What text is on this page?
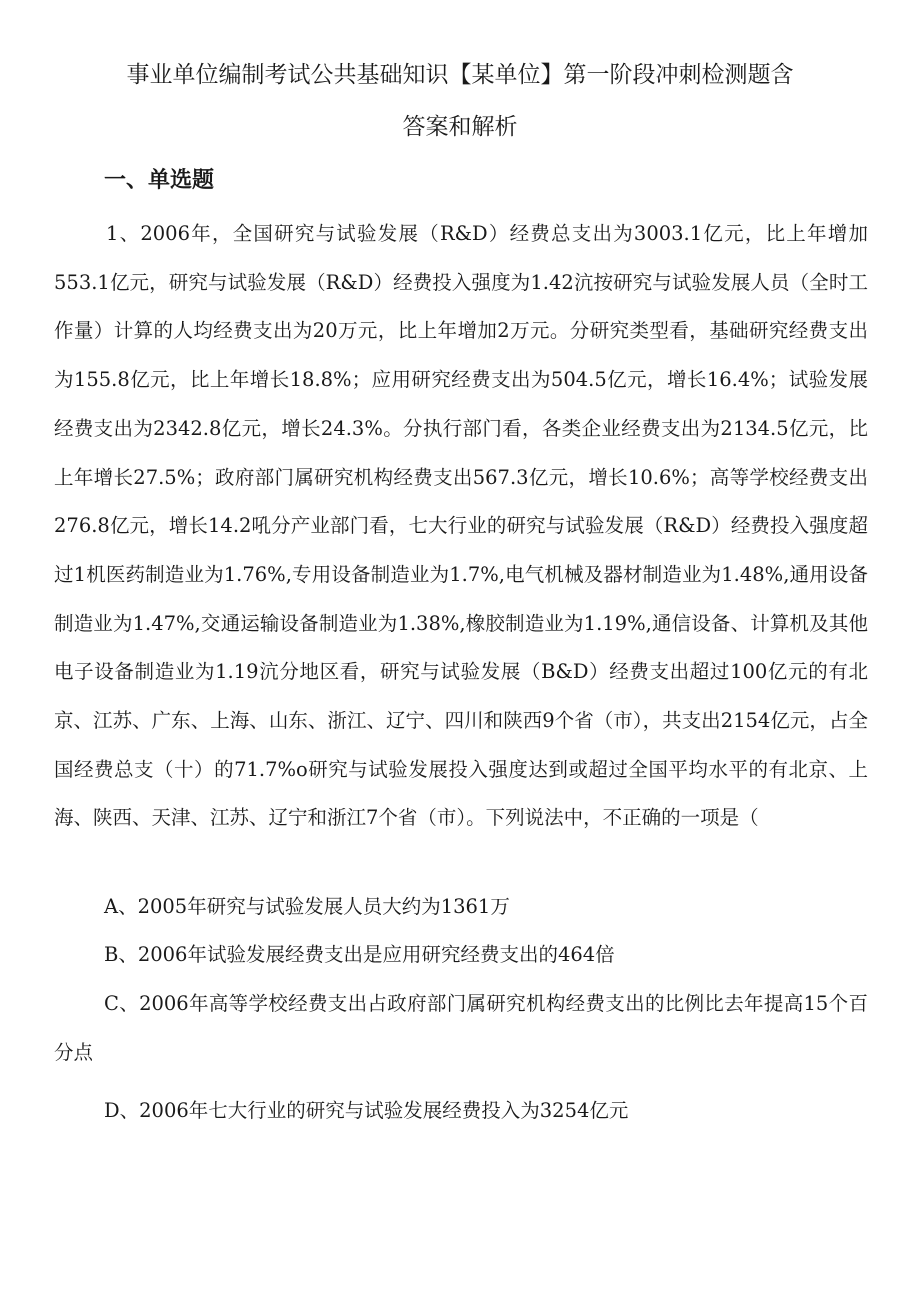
事业单位编制考试公共基础知识【某单位】第一阶段冲刺检测题含
答案和解析
一、单选题

1、2006年，全国研究与试验发展（R&D）经费总支出为3003.1亿元，比上年增加553.1亿元，研究与试验发展（R&D）经费投入强度为1.42沆按研究与试验发展人员（全时工作量）计算的人均经费支出为20万元，比上年增加2万元。分研究类型看，基础研究经费支出为155.8亿元，比上年增长18.8%；应用研究经费支出为504.5亿元，增长16.4%；试验发展经费支出为2342.8亿元，增长24.3%。分执行部门看，各类企业经费支出为2134.5亿元，比上年增长27.5%；政府部门属研究机构经费支出567.3亿元，增长10.6%；高等学校经费支出276.8亿元，增长14.2吼分产业部门看，七大行业的研究与试验发展（R&D）经费投入强度超过1机医药制造业为1.76%,专用设备制造业为1.7%,电气机械及器材制造业为1.48%,通用设备制造业为1.47%,交通运输设备制造业为1.38%,橡胶制造业为1.19%,通信设备、计算机及其他电子设备制造业为1.19沆分地区看，研究与试验发展（B&D）经费支出超过100亿元的有北京、江苏、广东、上海、山东、浙江、辽宁、四川和陕西9个省（市），共支出2154亿元，占全国经费总支（十）的71.7%o研究与试验发展投入强度达到或超过全国平均水平的有北京、上海、陕西、天津、江苏、辽宁和浙江7个省（市）。下列说法中，不正确的一项是（

A、2005年研究与试验发展人员大约为1361万

B、2006年试验发展经费支出是应用研究经费支出的464倍

C、2006年高等学校经费支出占政府部门属研究机构经费支出的比例比去年提高15个百分点

D、2006年七大行业的研究与试验发展经费投入为3254亿元
